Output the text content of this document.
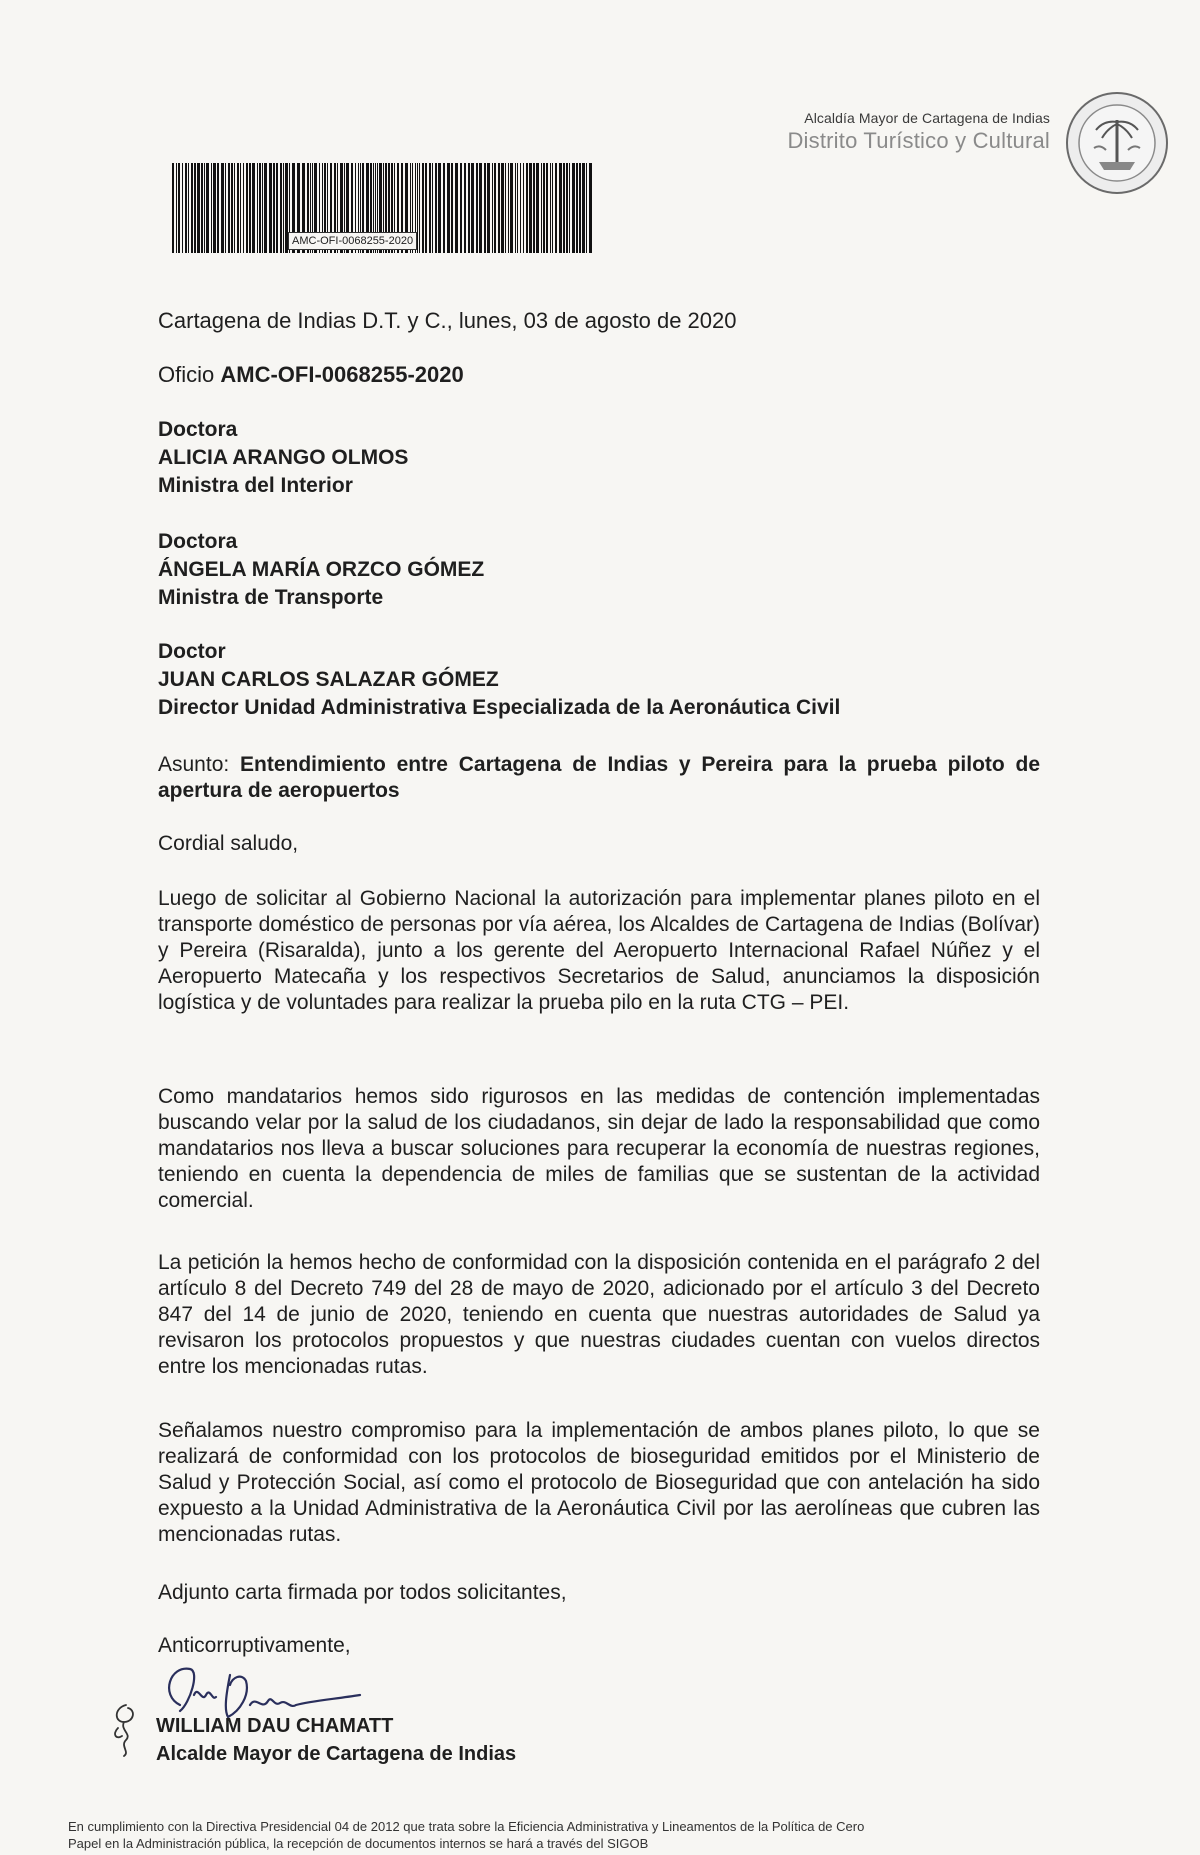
Alcaldía Mayor de Cartagena de Indias
Distrito Turístico y Cultural
AMC-OFI-0068255-2020
Cartagena de Indias D.T. y C., lunes, 03 de agosto de 2020
Oficio AMC-OFI-0068255-2020
Doctora
ALICIA ARANGO OLMOS
Ministra del Interior
Doctora
ÁNGELA MARÍA ORZCO GÓMEZ
Ministra de Transporte
Doctor
JUAN CARLOS SALAZAR GÓMEZ
Director Unidad Administrativa Especializada de la Aeronáutica Civil
Asunto: Entendimiento entre Cartagena de Indias y Pereira para la prueba piloto de apertura de aeropuertos
Cordial saludo,
Luego de solicitar al Gobierno Nacional la autorización para implementar planes piloto en el transporte doméstico de personas por vía aérea, los Alcaldes de Cartagena de Indias (Bolívar) y Pereira (Risaralda), junto a los gerente del Aeropuerto Internacional Rafael Núñez y el Aeropuerto Matecaña y los respectivos Secretarios de Salud, anunciamos la disposición logística y de voluntades para realizar la prueba pilo en la ruta CTG – PEI.
Como mandatarios hemos sido rigurosos en las medidas de contención implementadas buscando velar por la salud de los ciudadanos, sin dejar de lado la responsabilidad que como mandatarios nos lleva a buscar soluciones para recuperar la economía de nuestras regiones, teniendo en cuenta la dependencia de miles de familias que se sustentan de la actividad comercial.
La petición la hemos hecho de conformidad con la disposición contenida en el parágrafo 2 del artículo 8 del Decreto 749 del 28 de mayo de 2020, adicionado por el artículo 3 del Decreto 847 del 14 de junio de 2020, teniendo en cuenta que nuestras autoridades de Salud ya revisaron los protocolos propuestos y que nuestras ciudades cuentan con vuelos directos entre los mencionadas rutas.
Señalamos nuestro compromiso para la implementación de ambos planes piloto, lo que se realizará de conformidad con los protocolos de bioseguridad emitidos por el Ministerio de Salud y Protección Social, así como el protocolo de Bioseguridad que con antelación ha sido expuesto a la Unidad Administrativa de la Aeronáutica Civil por las aerolíneas que cubren las mencionadas rutas.
Adjunto carta firmada por todos solicitantes,
Anticorruptivamente,
WILLIAM DAU CHAMATT
Alcalde Mayor de Cartagena de Indias
En cumplimiento con la Directiva Presidencial 04 de 2012 que trata sobre la Eficiencia Administrativa y Lineamentos de la Política de Cero
Papel en la Administración pública, la recepción de documentos internos se hará a través del SIGOB
